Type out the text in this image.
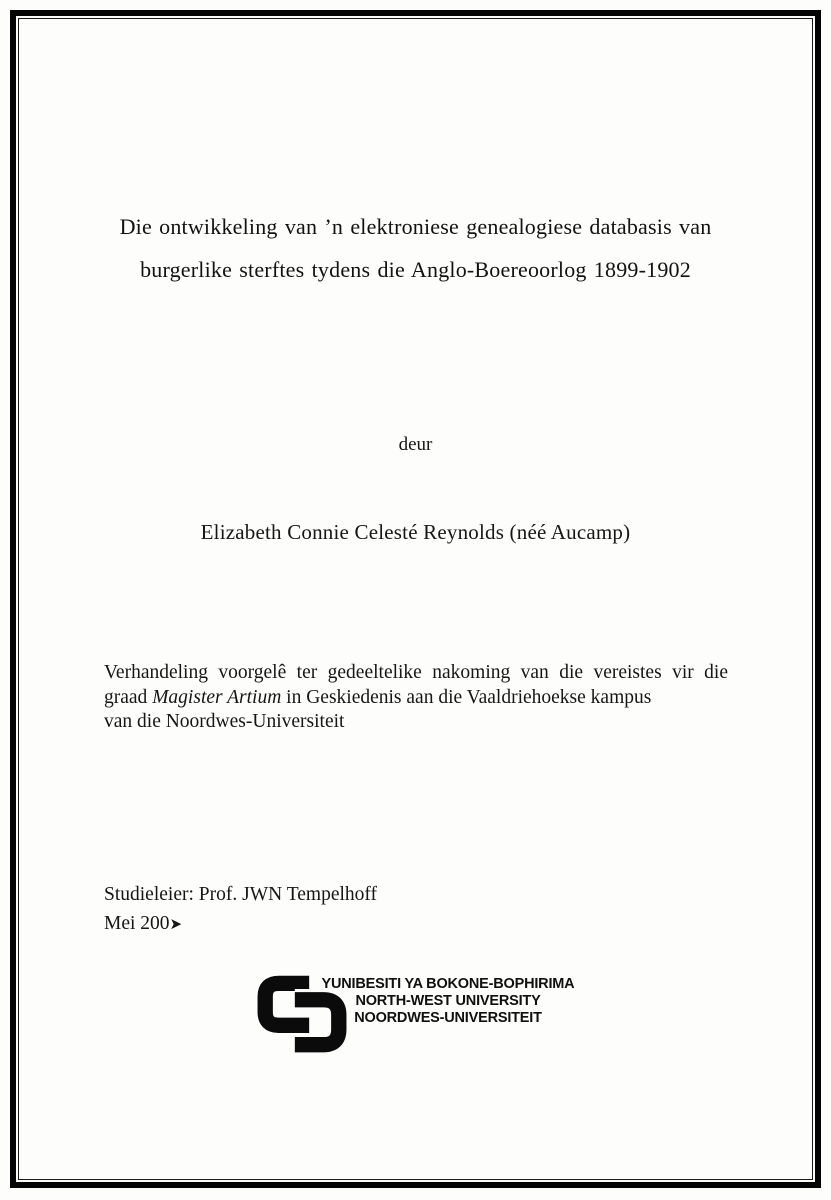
Die ontwikkeling van ’n elektroniese genealogiese databasis van
burgerlike sterftes tydens die Anglo-Boereoorlog 1899-1902
deur
Elizabeth Connie Celesté Reynolds (néé Aucamp)
Verhandeling voorgelê ter gedeeltelike nakoming van die vereistes vir die
graad Magister Artium in Geskiedenis aan die Vaaldriehoekse kampus
van die Noordwes-Universiteit
Studieleier: Prof. JWN Tempelhoff
Mei 200➤
YUNIBESITI YA BOKONE-BOPHIRIMA
NORTH-WEST UNIVERSITY
NOORDWES-UNIVERSITEIT
